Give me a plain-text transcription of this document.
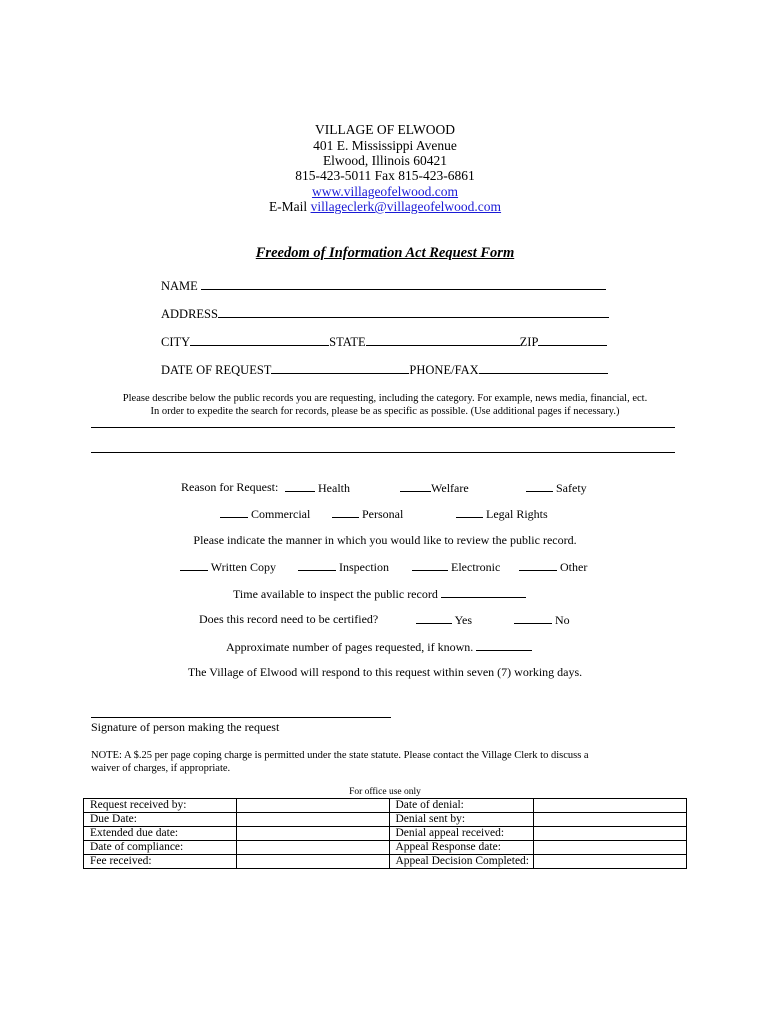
VILLAGE OF ELWOOD
401 E. Mississippi Avenue
Elwood, Illinois 60421
815-423-5011 Fax 815-423-6861
www.villageofelwood.com
E-Mail villageclerk@villageofelwood.com
Freedom of Information Act Request Form
NAME
ADDRESS
CITY	STATE	ZIP
DATE OF REQUEST	PHONE/FAX
Please describe below the public records you are requesting, including the category. For example, news media, financial, ect.
In order to expedite the search for records, please be as specific as possible. (Use additional pages if necessary.)
Reason for Request:	Health	Welfare	Safety
Commercial	Personal	Legal Rights
Please indicate the manner in which you would like to review the public record.
Written Copy	Inspection	Electronic	Other
Time available to inspect the public record
Does this record need to be certified?	Yes	No
Approximate number of pages requested, if known.
The Village of Elwood will respond to this request within seven (7) working days.
Signature of person making the request
NOTE: A $.25 per page coping charge is permitted under the state statute. Please contact the Village Clerk to discuss a
waiver of charges, if appropriate.
For office use only
Request received by:		Date of denial:	
Due Date:		Denial sent by:	
Extended due date:		Denial appeal received:	
Date of compliance:		Appeal Response date:	
Fee received:		Appeal Decision Completed:	
